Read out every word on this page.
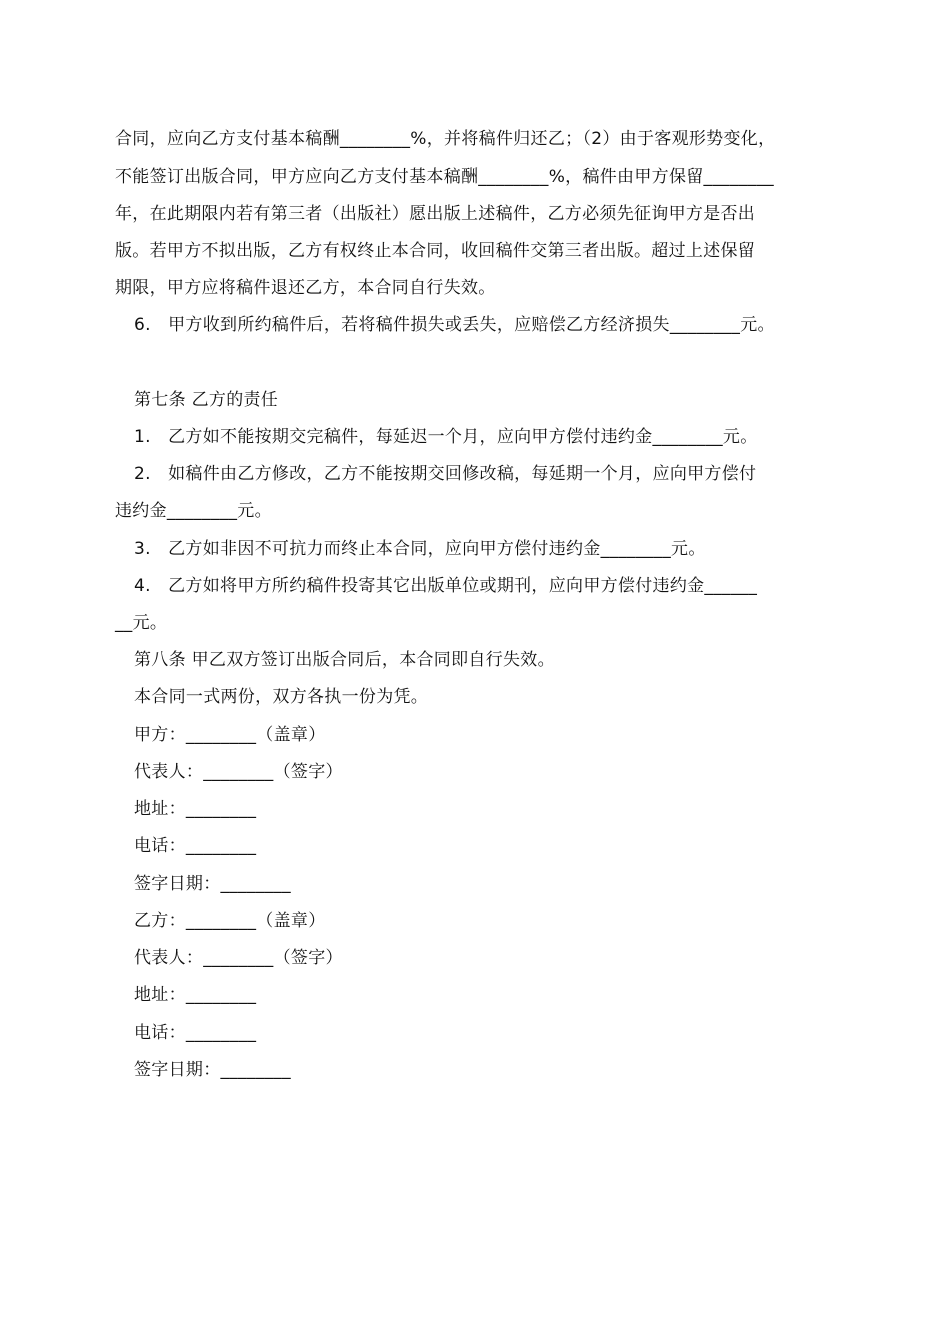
合同，应向乙方支付基本稿酬________%，并将稿件归还乙；（2）由于客观形势变化，
不能签订出版合同，甲方应向乙方支付基本稿酬________%，稿件由甲方保留________
年，在此期限内若有第三者（出版社）愿出版上述稿件，乙方必须先征询甲方是否出
版。若甲方不拟出版，乙方有权终止本合同，收回稿件交第三者出版。超过上述保留
期限，甲方应将稿件退还乙方，本合同自行失效。
6.　甲方收到所约稿件后，若将稿件损失或丢失，应赔偿乙方经济损失________元。
第七条 乙方的责任
1.　乙方如不能按期交完稿件，每延迟一个月，应向甲方偿付违约金________元。
2.　如稿件由乙方修改，乙方不能按期交回修改稿，每延期一个月，应向甲方偿付
违约金________元。
3.　乙方如非因不可抗力而终止本合同，应向甲方偿付违约金________元。
4.　乙方如将甲方所约稿件投寄其它出版单位或期刊，应向甲方偿付违约金______
__元。
第八条 甲乙双方签订出版合同后，本合同即自行失效。
本合同一式两份，双方各执一份为凭。
甲方：________（盖章）
代表人：________（签字）
地址：________
电话：________
签字日期：________
乙方：________（盖章）
代表人：________（签字）
地址：________
电话：________
签字日期：________
